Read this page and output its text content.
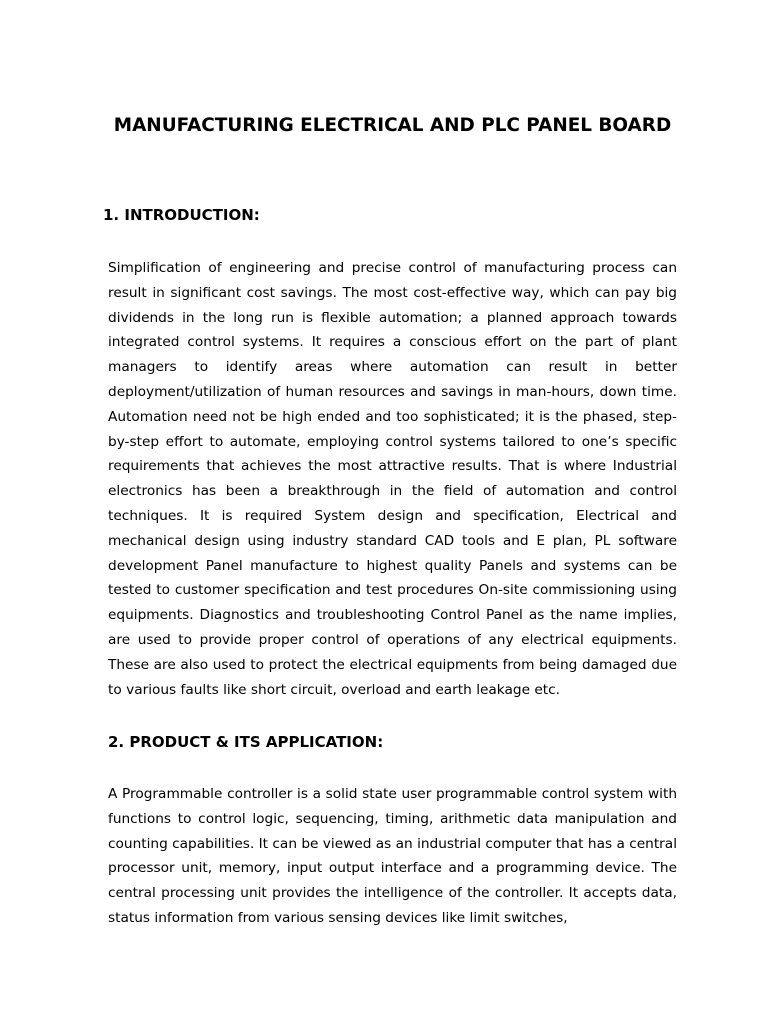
MANUFACTURING ELECTRICAL AND PLC PANEL BOARD
1. INTRODUCTION:

Simplification of engineering and precise control of manufacturing process can result in significant cost savings. The most cost-effective way, which can pay big dividends in the long run is flexible automation; a planned approach towards integrated control systems. It requires a conscious effort on the part of plant managers to identify areas where automation can result in better deployment/utilization of human resources and savings in man-hours, down time. Automation need not be high ended and too sophisticated; it is the phased, step-by-step effort to automate, employing control systems tailored to one’s specific requirements that achieves the most attractive results. That is where Industrial electronics has been a breakthrough in the field of automation and control techniques. It is required System design and specification, Electrical and mechanical design using industry standard CAD tools and E plan, PL software development Panel manufacture to highest quality Panels and systems can be tested to customer specification and test procedures On-site commissioning using equipments. Diagnostics and troubleshooting Control Panel as the name implies, are used to provide proper control of operations of any electrical equipments. These are also used to protect the electrical equipments from being damaged due to various faults like short circuit, overload and earth leakage etc.

2. PRODUCT & ITS APPLICATION:

A Programmable controller is a solid state user programmable control system with functions to control logic, sequencing, timing, arithmetic data manipulation and counting capabilities. It can be viewed as an industrial computer that has a central processor unit, memory, input output interface and a programming device. The central processing unit provides the intelligence of the controller. It accepts data, status information from various sensing devices like limit switches,
